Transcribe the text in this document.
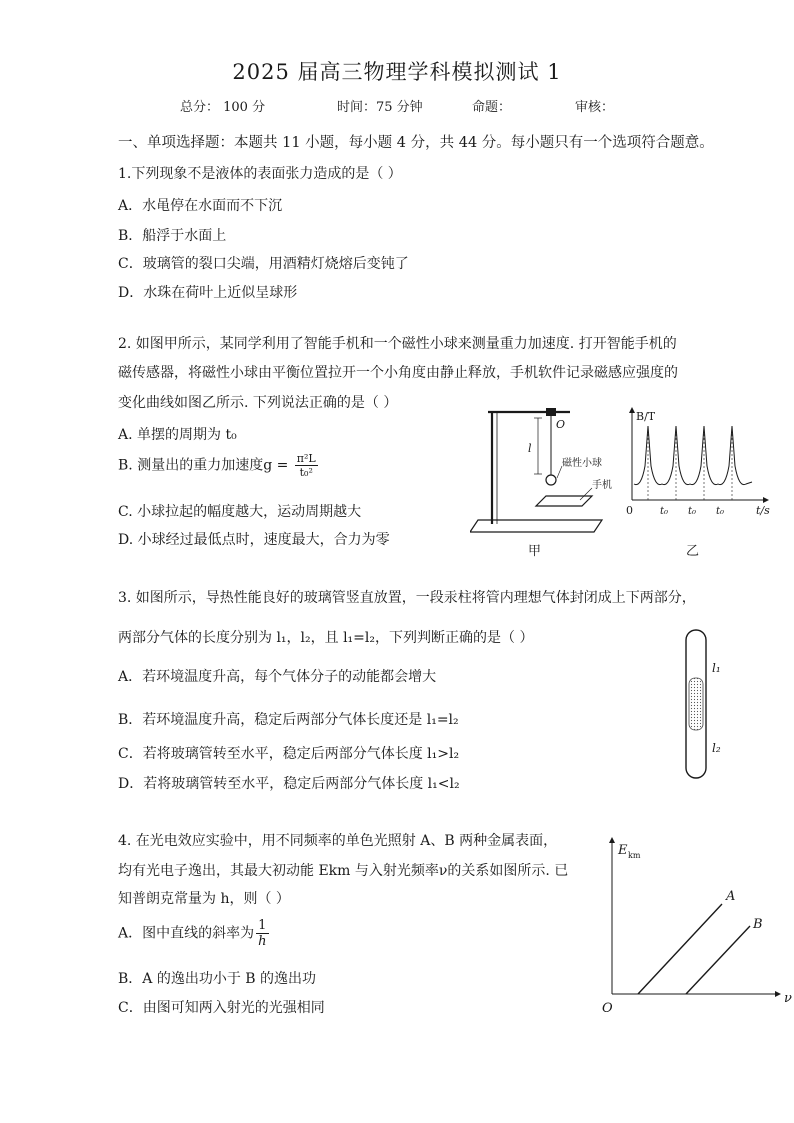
2025 届高三物理学科模拟测试 1
总分： 100 分	时间：75 分钟	命题：	审核：
一、单项选择题：本题共 11 小题，每小题 4 分，共 44 分。每小题只有一个选项符合题意。
1.下列现象不是液体的表面张力造成的是（ ）
A．水黾停在水面而不下沉
B．船浮于水面上
C．玻璃管的裂口尖端，用酒精灯烧熔后变钝了
D．水珠在荷叶上近似呈球形
2. 如图甲所示，某同学利用了智能手机和一个磁性小球来测量重力加速度. 打开智能手机的
磁传感器，将磁性小球由平衡位置拉开一个小角度由静止释放，手机软件记录磁感应强度的
变化曲线如图乙所示. 下列说法正确的是（ ）
A. 单摆的周期为 t₀
B. 测量出的重力加速度$g = \frac{\text{π²L}}{\text{t₀²}}$
C. 小球拉起的幅度越大，运动周期越大
D. 小球经过最低点时，速度最大，合力为零
O
l
磁性小球
手机
甲
B/T
t/s
0	t₀ t₀ t₀
乙
3. 如图所示，导热性能良好的玻璃管竖直放置，一段汞柱将管内理想气体封闭成上下两部分，
两部分气体的长度分别为 l₁，l₂，且 l₁=l₂，下列判断正确的是（ ）
A．若环境温度升高，每个气体分子的动能都会增大
B．若环境温度升高，稳定后两部分气体长度还是 l₁=l₂
C．若将玻璃管转至水平，稳定后两部分气体长度 l₁>l₂
D．若将玻璃管转至水平，稳定后两部分气体长度 l₁<l₂
l₁
l₂
4. 在光电效应实验中，用不同频率的单色光照射 A、B 两种金属表面，
均有光电子逸出，其最大初动能 Ekm 与入射光频率ν的关系如图所示. 已
知普朗克常量为 h，则（ ）
A．图中直线的斜率为 $\frac{1}{h}$
B．A 的逸出功小于 B 的逸出功
C．由图可知两入射光的光强相同
E km
ν
O
A
B
